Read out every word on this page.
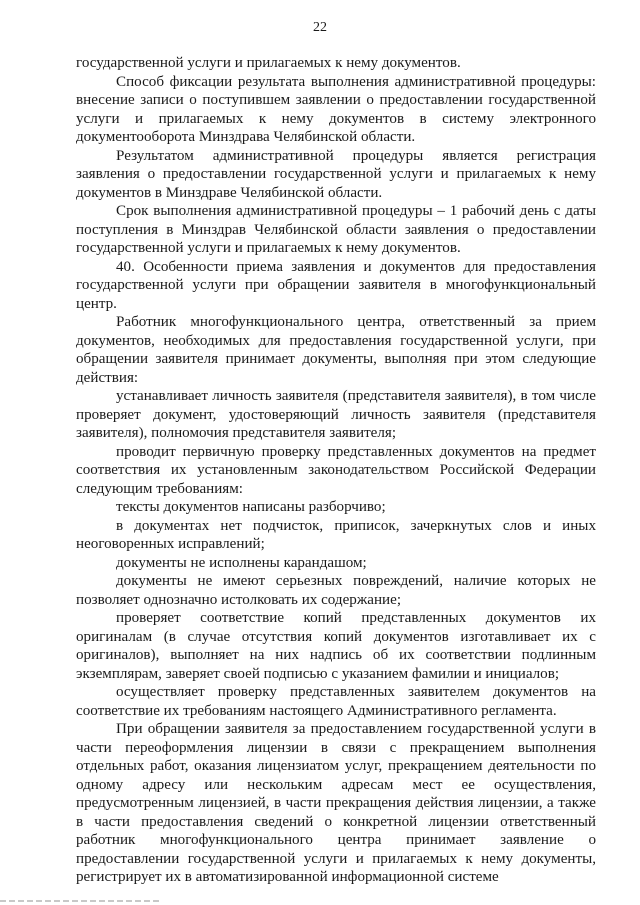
22

государственной услуги и прилагаемых к нему документов.

Способ фиксации результата выполнения административной процедуры: внесение записи о поступившем заявлении о предоставлении государственной услуги и прилагаемых к нему документов в систему электронного документооборота Минздрава Челябинской области.

Результатом административной процедуры является регистрация заявления о предоставлении государственной услуги и прилагаемых к нему документов в Минздраве Челябинской области.

Срок выполнения административной процедуры – 1 рабочий день с даты поступления в Минздрав Челябинской области заявления о предоставлении государственной услуги и прилагаемых к нему документов.

40. Особенности приема заявления и документов для предоставления государственной услуги при обращении заявителя в многофункциональный центр.

Работник многофункционального центра, ответственный за прием документов, необходимых для предоставления государственной услуги, при обращении заявителя принимает документы, выполняя при этом следующие действия:

устанавливает личность заявителя (представителя заявителя), в том числе проверяет документ, удостоверяющий личность заявителя (представителя заявителя), полномочия представителя заявителя;

проводит первичную проверку представленных документов на предмет соответствия их установленным законодательством Российской Федерации следующим требованиям:

тексты документов написаны разборчиво;

в документах нет подчисток, приписок, зачеркнутых слов и иных неоговоренных исправлений;

документы не исполнены карандашом;

документы не имеют серьезных повреждений, наличие которых не позволяет однозначно истолковать их содержание;

проверяет соответствие копий представленных документов их оригиналам (в случае отсутствия копий документов изготавливает их с оригиналов), выполняет на них надпись об их соответствии подлинным экземплярам, заверяет своей подписью с указанием фамилии и инициалов;

осуществляет проверку представленных заявителем документов на соответствие их требованиям настоящего Административного регламента.

При обращении заявителя за предоставлением государственной услуги в части переоформления лицензии в связи с прекращением выполнения отдельных работ, оказания лицензиатом услуг, прекращением деятельности по одному адресу или нескольким адресам мест ее осуществления, предусмотренным лицензией, в части прекращения действия лицензии, а также в части предоставления сведений о конкретной лицензии ответственный работник многофункционального центра принимает заявление о предоставлении государственной услуги и прилагаемых к нему документы, регистрирует их в автоматизированной информационной системе
